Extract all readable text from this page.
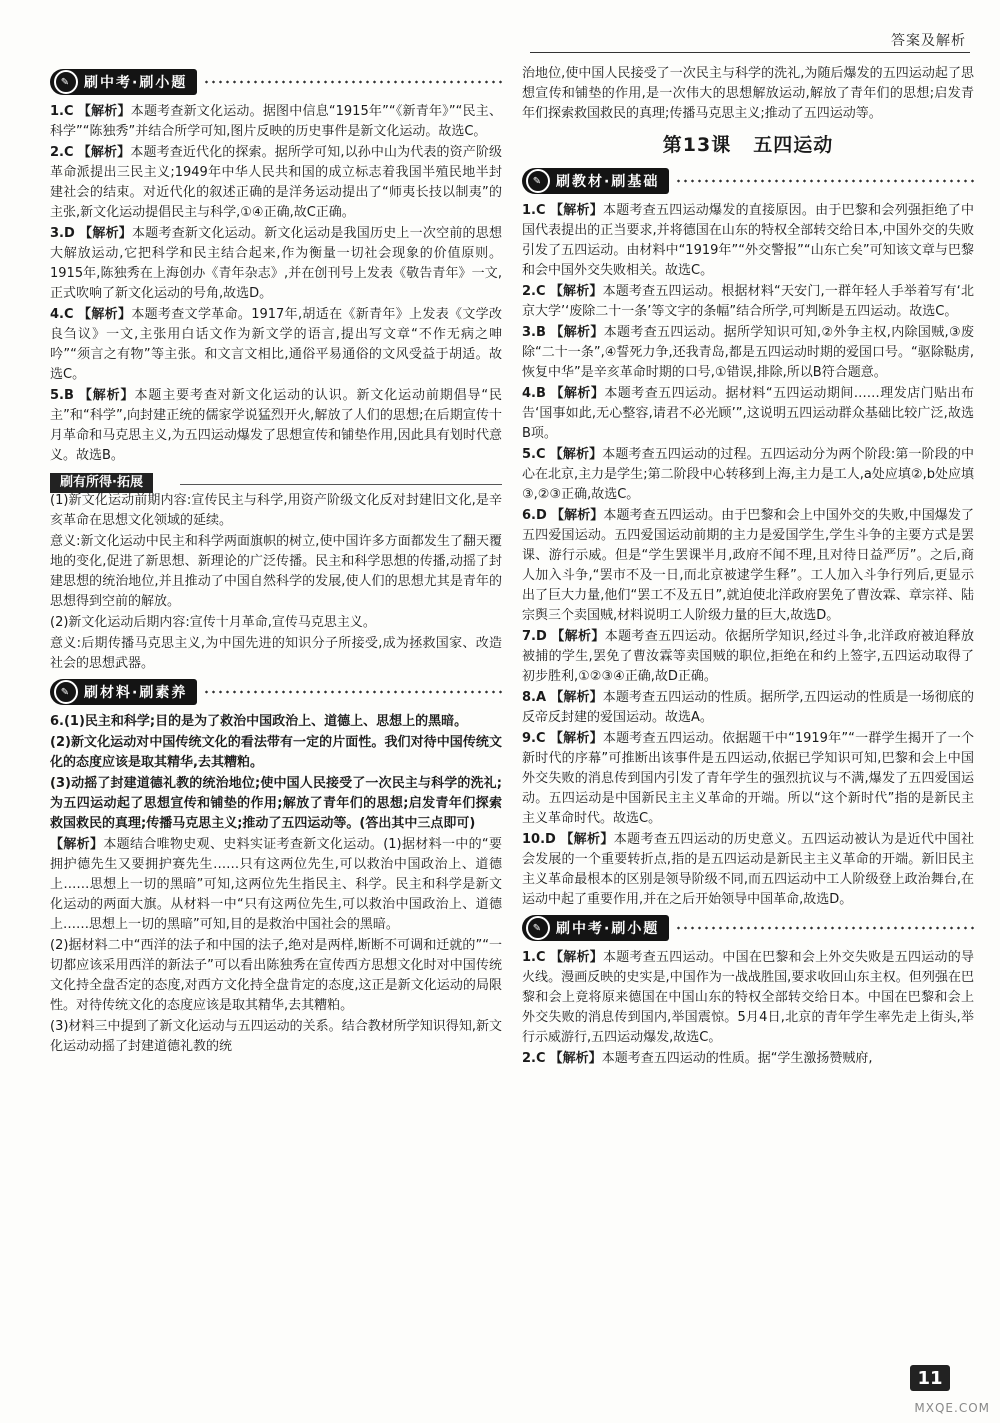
答案及解析
✎ 刷中考·刷小题
1.C 【解析】本题考查新文化运动。据图中信息“1915年”“《新青年》”“民主、科学”“陈独秀”并结合所学可知,图片反映的历史事件是新文化运动。故选C。
2.C 【解析】本题考查近代化的探索。据所学可知,以孙中山为代表的资产阶级革命派提出三民主义;1949年中华人民共和国的成立标志着我国半殖民地半封建社会的结束。对近代化的叙述正确的是洋务运动提出了“师夷长技以制夷”的主张,新文化运动提倡民主与科学,①④正确,故C正确。
3.D 【解析】本题考查新文化运动。新文化运动是我国历史上一次空前的思想大解放运动,它把科学和民主结合起来,作为衡量一切社会现象的价值原则。1915年,陈独秀在上海创办《青年杂志》,并在创刊号上发表《敬告青年》一文,正式吹响了新文化运动的号角,故选D。
4.C 【解析】本题考查文学革命。1917年,胡适在《新青年》上发表《文学改良刍议》一文,主张用白话文作为新文学的语言,提出写文章“不作无病之呻吟”“须言之有物”等主张。和文言文相比,通俗平易通俗的文风受益于胡适。故选C。
5.B 【解析】本题主要考查对新文化运动的认识。新文化运动前期倡导“民主”和“科学”,向封建正统的儒家学说猛烈开火,解放了人们的思想;在后期宣传十月革命和马克思主义,为五四运动爆发了思想宣传和铺垫作用,因此具有划时代意义。故选B。
刷有所得·拓展
(1)新文化运动前期内容:宣传民主与科学,用资产阶级文化反对封建旧文化,是辛亥革命在思想文化领域的延续。
意义:新文化运动中民主和科学两面旗帜的树立,使中国许多方面都发生了翻天覆地的变化,促进了新思想、新理论的广泛传播。民主和科学思想的传播,动摇了封建思想的统治地位,并且推动了中国自然科学的发展,使人们的思想尤其是青年的思想得到空前的解放。
(2)新文化运动后期内容:宣传十月革命,宣传马克思主义。
意义:后期传播马克思主义,为中国先进的知识分子所接受,成为拯救国家、改造社会的思想武器。
✎ 刷材料·刷素养
6.(1)民主和科学;目的是为了救治中国政治上、道德上、思想上的黑暗。
(2)新文化运动对中国传统文化的看法带有一定的片面性。我们对待中国传统文化的态度应该是取其精华,去其糟粕。
(3)动摇了封建道德礼教的统治地位;使中国人民接受了一次民主与科学的洗礼;为五四运动起了思想宣传和铺垫的作用;解放了青年们的思想;启发青年们探索救国救民的真理;传播马克思主义;推动了五四运动等。(答出其中三点即可)
【解析】本题结合唯物史观、史料实证考查新文化运动。(1)据材料一中的“要拥护德先生又要拥护赛先生……只有这两位先生,可以救治中国政治上、道德上……思想上一切的黑暗”可知,这两位先生指民主、科学。民主和科学是新文化运动的两面大旗。从材料一中“只有这两位先生,可以救治中国政治上、道德上……思想上一切的黑暗”可知,目的是救治中国社会的黑暗。
(2)据材料二中“西洋的法子和中国的法子,绝对是两样,断断不可调和迁就的”“一切都应该采用西洋的新法子”可以看出陈独秀在宣传西方思想文化时对中国传统文化持全盘否定的态度,对西方文化持全盘肯定的态度,这正是新文化运动的局限性。对待传统文化的态度应该是取其精华,去其糟粕。
(3)材料三中提到了新文化运动与五四运动的关系。结合教材所学知识得知,新文化运动动摇了封建道德礼教的统
治地位,使中国人民接受了一次民主与科学的洗礼,为随后爆发的五四运动起了思想宣传和铺垫的作用,是一次伟大的思想解放运动,解放了青年们的思想;启发青年们探索救国救民的真理;传播马克思主义;推动了五四运动等。
第13课 五四运动
✎ 刷教材·刷基础
1.C 【解析】本题考查五四运动爆发的直接原因。由于巴黎和会列强拒绝了中国代表提出的正当要求,并将德国在山东的特权全部转交给日本,中国外交的失败引发了五四运动。由材料中“1919年”“外交警报”“山东亡矣”可知该文章与巴黎和会中国外交失败相关。故选C。
2.C 【解析】本题考查五四运动。根据材料“天安门,一群年轻人手举着写有‘北京大学’‘废除二十一条’等文字的条幅”结合所学,可判断是五四运动。故选C。
3.B 【解析】本题考查五四运动。据所学知识可知,②外争主权,内除国贼,③废除“二十一条”,④誓死力争,还我青岛,都是五四运动时期的爱国口号。“驱除鞑虏,恢复中华”是辛亥革命时期的口号,①错误,排除,所以B符合题意。
4.B 【解析】本题考查五四运动。据材料“五四运动期间……理发店门贴出布告‘国事如此,无心整容,请君不必光顾’”,这说明五四运动群众基础比较广泛,故选B项。
5.C 【解析】本题考查五四运动的过程。五四运动分为两个阶段:第一阶段的中心在北京,主力是学生;第二阶段中心转移到上海,主力是工人,a处应填②,b处应填③,②③正确,故选C。
6.D 【解析】本题考查五四运动。由于巴黎和会上中国外交的失败,中国爆发了五四爱国运动。五四爱国运动前期的主力是爱国学生,学生斗争的主要方式是罢课、游行示威。但是“学生罢课半月,政府不闻不理,且对待日益严厉”。之后,商人加入斗争,“罢市不及一日,而北京被逮学生释”。工人加入斗争行列后,更显示出了巨大力量,他们“罢工不及五日”,就迫使北洋政府罢免了曹汝霖、章宗祥、陆宗舆三个卖国贼,材料说明工人阶级力量的巨大,故选D。
7.D 【解析】本题考查五四运动。依据所学知识,经过斗争,北洋政府被迫释放被捕的学生,罢免了曹汝霖等卖国贼的职位,拒绝在和约上签字,五四运动取得了初步胜利,①②③④正确,故D正确。
8.A 【解析】本题考查五四运动的性质。据所学,五四运动的性质是一场彻底的反帝反封建的爱国运动。故选A。
9.C 【解析】本题考查五四运动。依据题干中“1919年”“一群学生揭开了一个新时代的序幕”可推断出该事件是五四运动,依据已学知识可知,巴黎和会上中国外交失败的消息传到国内引发了青年学生的强烈抗议与不满,爆发了五四爱国运动。五四运动是中国新民主主义革命的开端。所以“这个新时代”指的是新民主主义革命时代。故选C。
10.D 【解析】本题考查五四运动的历史意义。五四运动被认为是近代中国社会发展的一个重要转折点,指的是五四运动是新民主主义革命的开端。新旧民主主义革命最根本的区别是领导阶级不同,而五四运动中工人阶级登上政治舞台,在运动中起了重要作用,并在之后开始领导中国革命,故选D。
✎ 刷中考·刷小题
1.C 【解析】本题考查五四运动。中国在巴黎和会上外交失败是五四运动的导火线。漫画反映的史实是,中国作为一战战胜国,要求收回山东主权。但列强在巴黎和会上竟将原来德国在中国山东的特权全部转交给日本。中国在巴黎和会上外交失败的消息传到国内,举国震惊。5月4日,北京的青年学生率先走上街头,举行示威游行,五四运动爆发,故选C。
2.C 【解析】本题考查五四运动的性质。据“学生激扬赞贼府,
11
MXQE.COM
